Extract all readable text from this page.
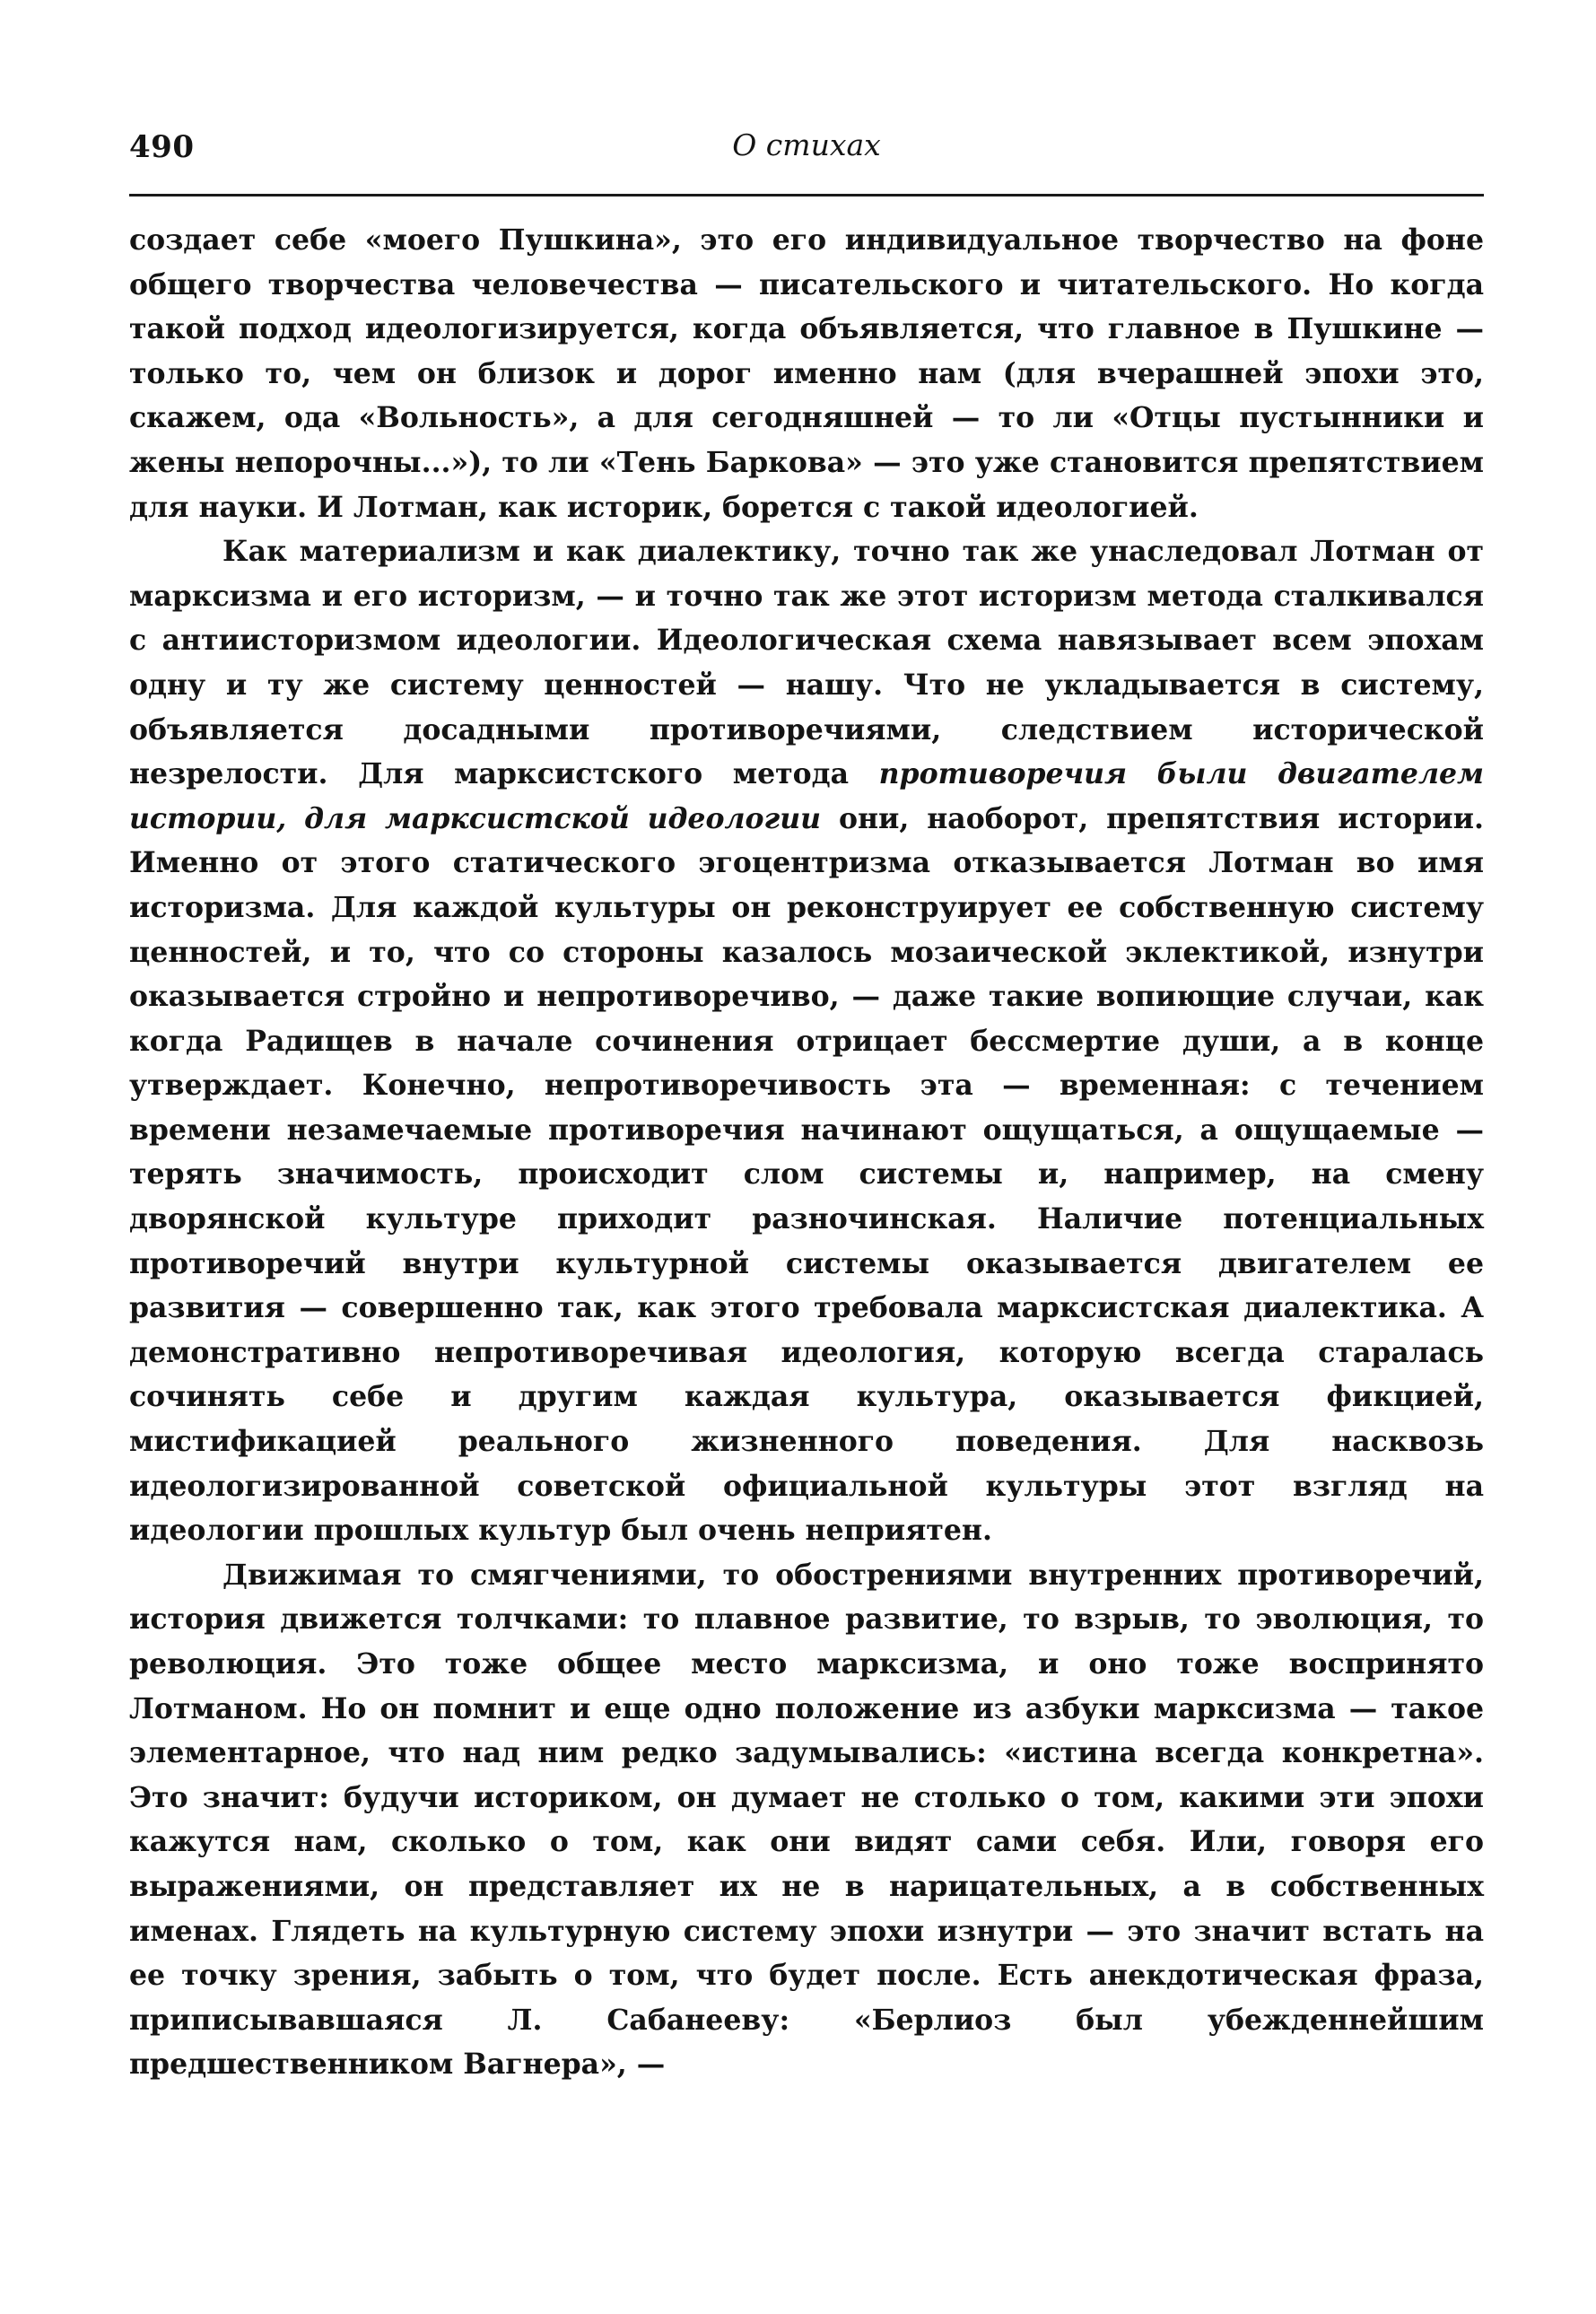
490	О стихах

создает себе «моего Пушкина», это его индивидуальное творчество на фоне общего творчества человечества — писательского и читательского. Но когда такой подход идеологизируется, когда объявляется, что главное в Пушкине — только то, чем он близок и дорог именно нам (для вчерашней эпохи это, скажем, ода «Вольность», а для сегодняшней — то ли «Отцы пустынники и жены непорочны...»), то ли «Тень Баркова» — это уже становится препятствием для науки. И Лотман, как историк, борется с такой идеологией.

Как материализм и как диалектику, точно так же унаследовал Лотман от марксизма и его историзм, — и точно так же этот историзм метода сталкивался с антиисторизмом идеологии. Идеологическая схема навязывает всем эпохам одну и ту же систему ценностей — нашу. Что не укладывается в систему, объявляется досадными противоречиями, следствием исторической незрелости. Для марксистского метода противоречия были двигателем истории, для марксистской идеологии они, наоборот, препятствия истории. Именно от этого статического эгоцентризма отказывается Лотман во имя историзма. Для каждой культуры он реконструирует ее собственную систему ценностей, и то, что со стороны казалось мозаической эклектикой, изнутри оказывается стройно и непротиворечиво, — даже такие вопиющие случаи, как когда Радищев в начале сочинения отрицает бессмертие души, а в конце утверждает. Конечно, непротиворечивость эта — временная: с течением времени незамечаемые противоречия начинают ощущаться, а ощущаемые — терять значимость, происходит слом системы и, например, на смену дворянской культуре приходит разночинская. Наличие потенциальных противоречий внутри культурной системы оказывается двигателем ее развития — совершенно так, как этого требовала марксистская диалектика. А демонстративно непротиворечивая идеология, которую всегда старалась сочинять себе и другим каждая культура, оказывается фикцией, мистификацией реального жизненного поведения. Для насквозь идеологизированной советской официальной культуры этот взгляд на идеологии прошлых культур был очень неприятен.

Движимая то смягчениями, то обострениями внутренних противоречий, история движется толчками: то плавное развитие, то взрыв, то эволюция, то революция. Это тоже общее место марксизма, и оно тоже воспринято Лотманом. Но он помнит и еще одно положение из азбуки марксизма — такое элементарное, что над ним редко задумывались: «истина всегда конкретна». Это значит: будучи историком, он думает не столько о том, какими эти эпохи кажутся нам, сколько о том, как они видят сами себя. Или, говоря его выражениями, он представляет их не в нарицательных, а в собственных именах. Глядеть на культурную систему эпохи изнутри — это значит встать на ее точку зрения, забыть о том, что будет после. Есть анекдотическая фраза, приписывавшаяся Л. Сабанееву: «Берлиоз был убежденнейшим предшественником Вагнера», —
